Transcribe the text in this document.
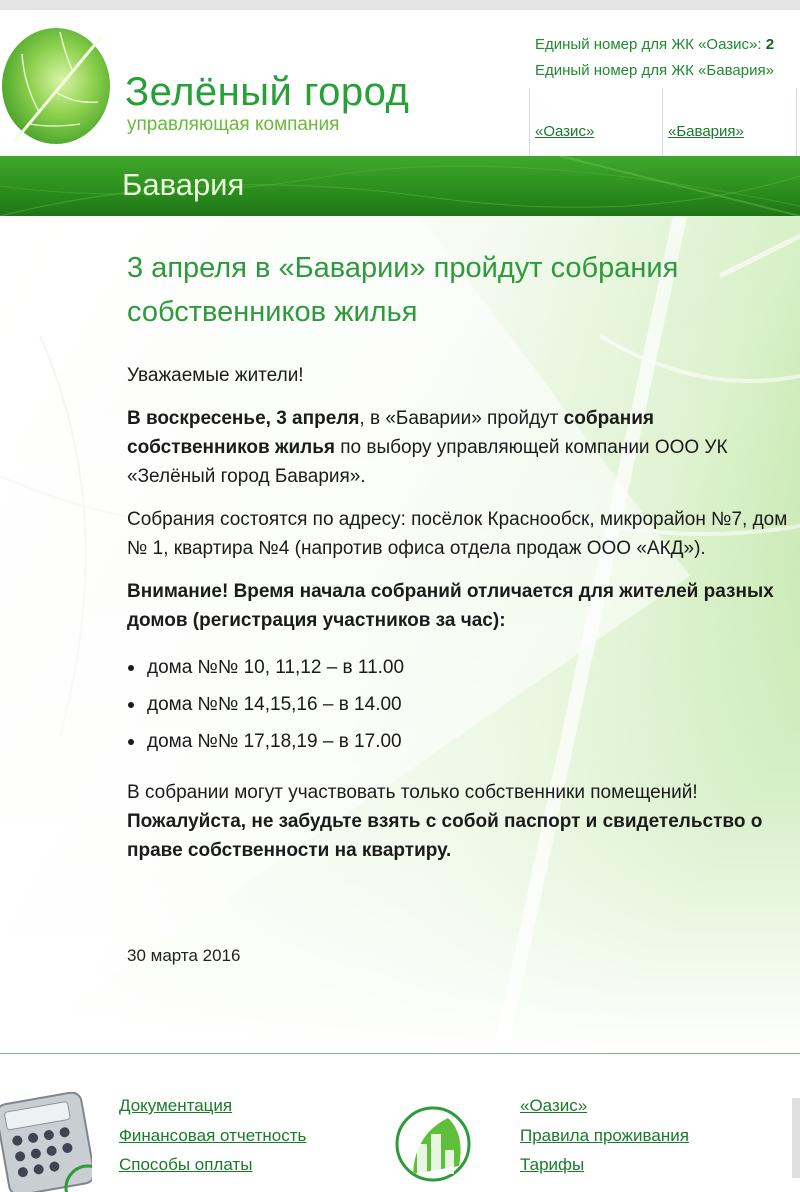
Зелёный город
управляющая компания
Единый номер для ЖК «Оазис»: 2
Единый номер для ЖК «Бавария»
«Оазис»	«Бавария»
Бавария
3 апреля в «Баварии» пройдут собрания собственников жилья

Уважаемые жители!

В воскресенье, 3 апреля, в «Баварии» пройдут собрания собственников жилья по выбору управляющей компании ООО УК «Зелёный город Бавария».

Собрания состоятся по адресу: посёлок Краснообск, микрорайон №7, дом № 1, квартира №4 (напротив офиса отдела продаж ООО «АКД»).

Внимание! Время начала собраний отличается для жителей разных домов (регистрация участников за час):

дома №№ 10, 11,12 – в 11.00
дома №№ 14,15,16 – в 14.00
дома №№ 17,18,19 – в 17.00

В собрании могут участвовать только собственники помещений!
Пожалуйста, не забудьте взять с собой паспорт и свидетельство о праве собственности на квартиру.

30 марта 2016
Документация
Финансовая отчетность
Способы оплаты
«Оазис»
Правила проживания
Тарифы
